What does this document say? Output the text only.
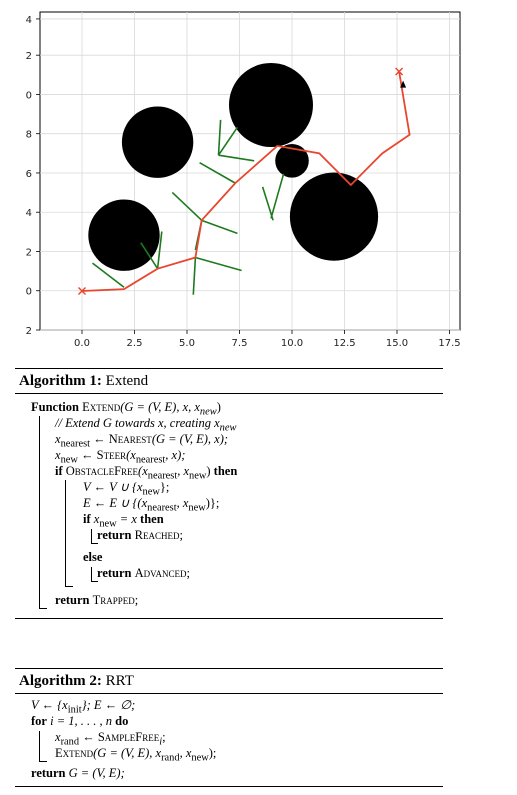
4
2
0
8
6
4
2
0
2
0.0	2.5	5.0	7.5	10.0	12.5	15.0	17.5
Algorithm 1: Extend
Function Extend(G = (V, E), x, $x_{new}$)
// Extend G towards x, creating $x_{new}$
$x_{nearest}$ ← Nearest(G = (V, E), x);
$x_{new}$ ← $Steer(x_{nearest}$, x);
if $ObstacleFree(x_{nearest}$, $x_{new}$) then
V ← V ∪ $\{x_{new}\}$;
E ← E ∪ {($x_{nearest}$, $x_{new}$)};
if $x_{new} = x$ then
return Reached;
else
return Advanced;
return Trapped;
Algorithm 2: RRT
V ← $\{x_{init}\}$; E ← ∅;
for i = 1, . . . , n do
$x_{rand}$ ← SampleFree$_i$;
Extend(G = (V, E), $x_{rand}$, $x_{new}$);
return G = (V, E);
